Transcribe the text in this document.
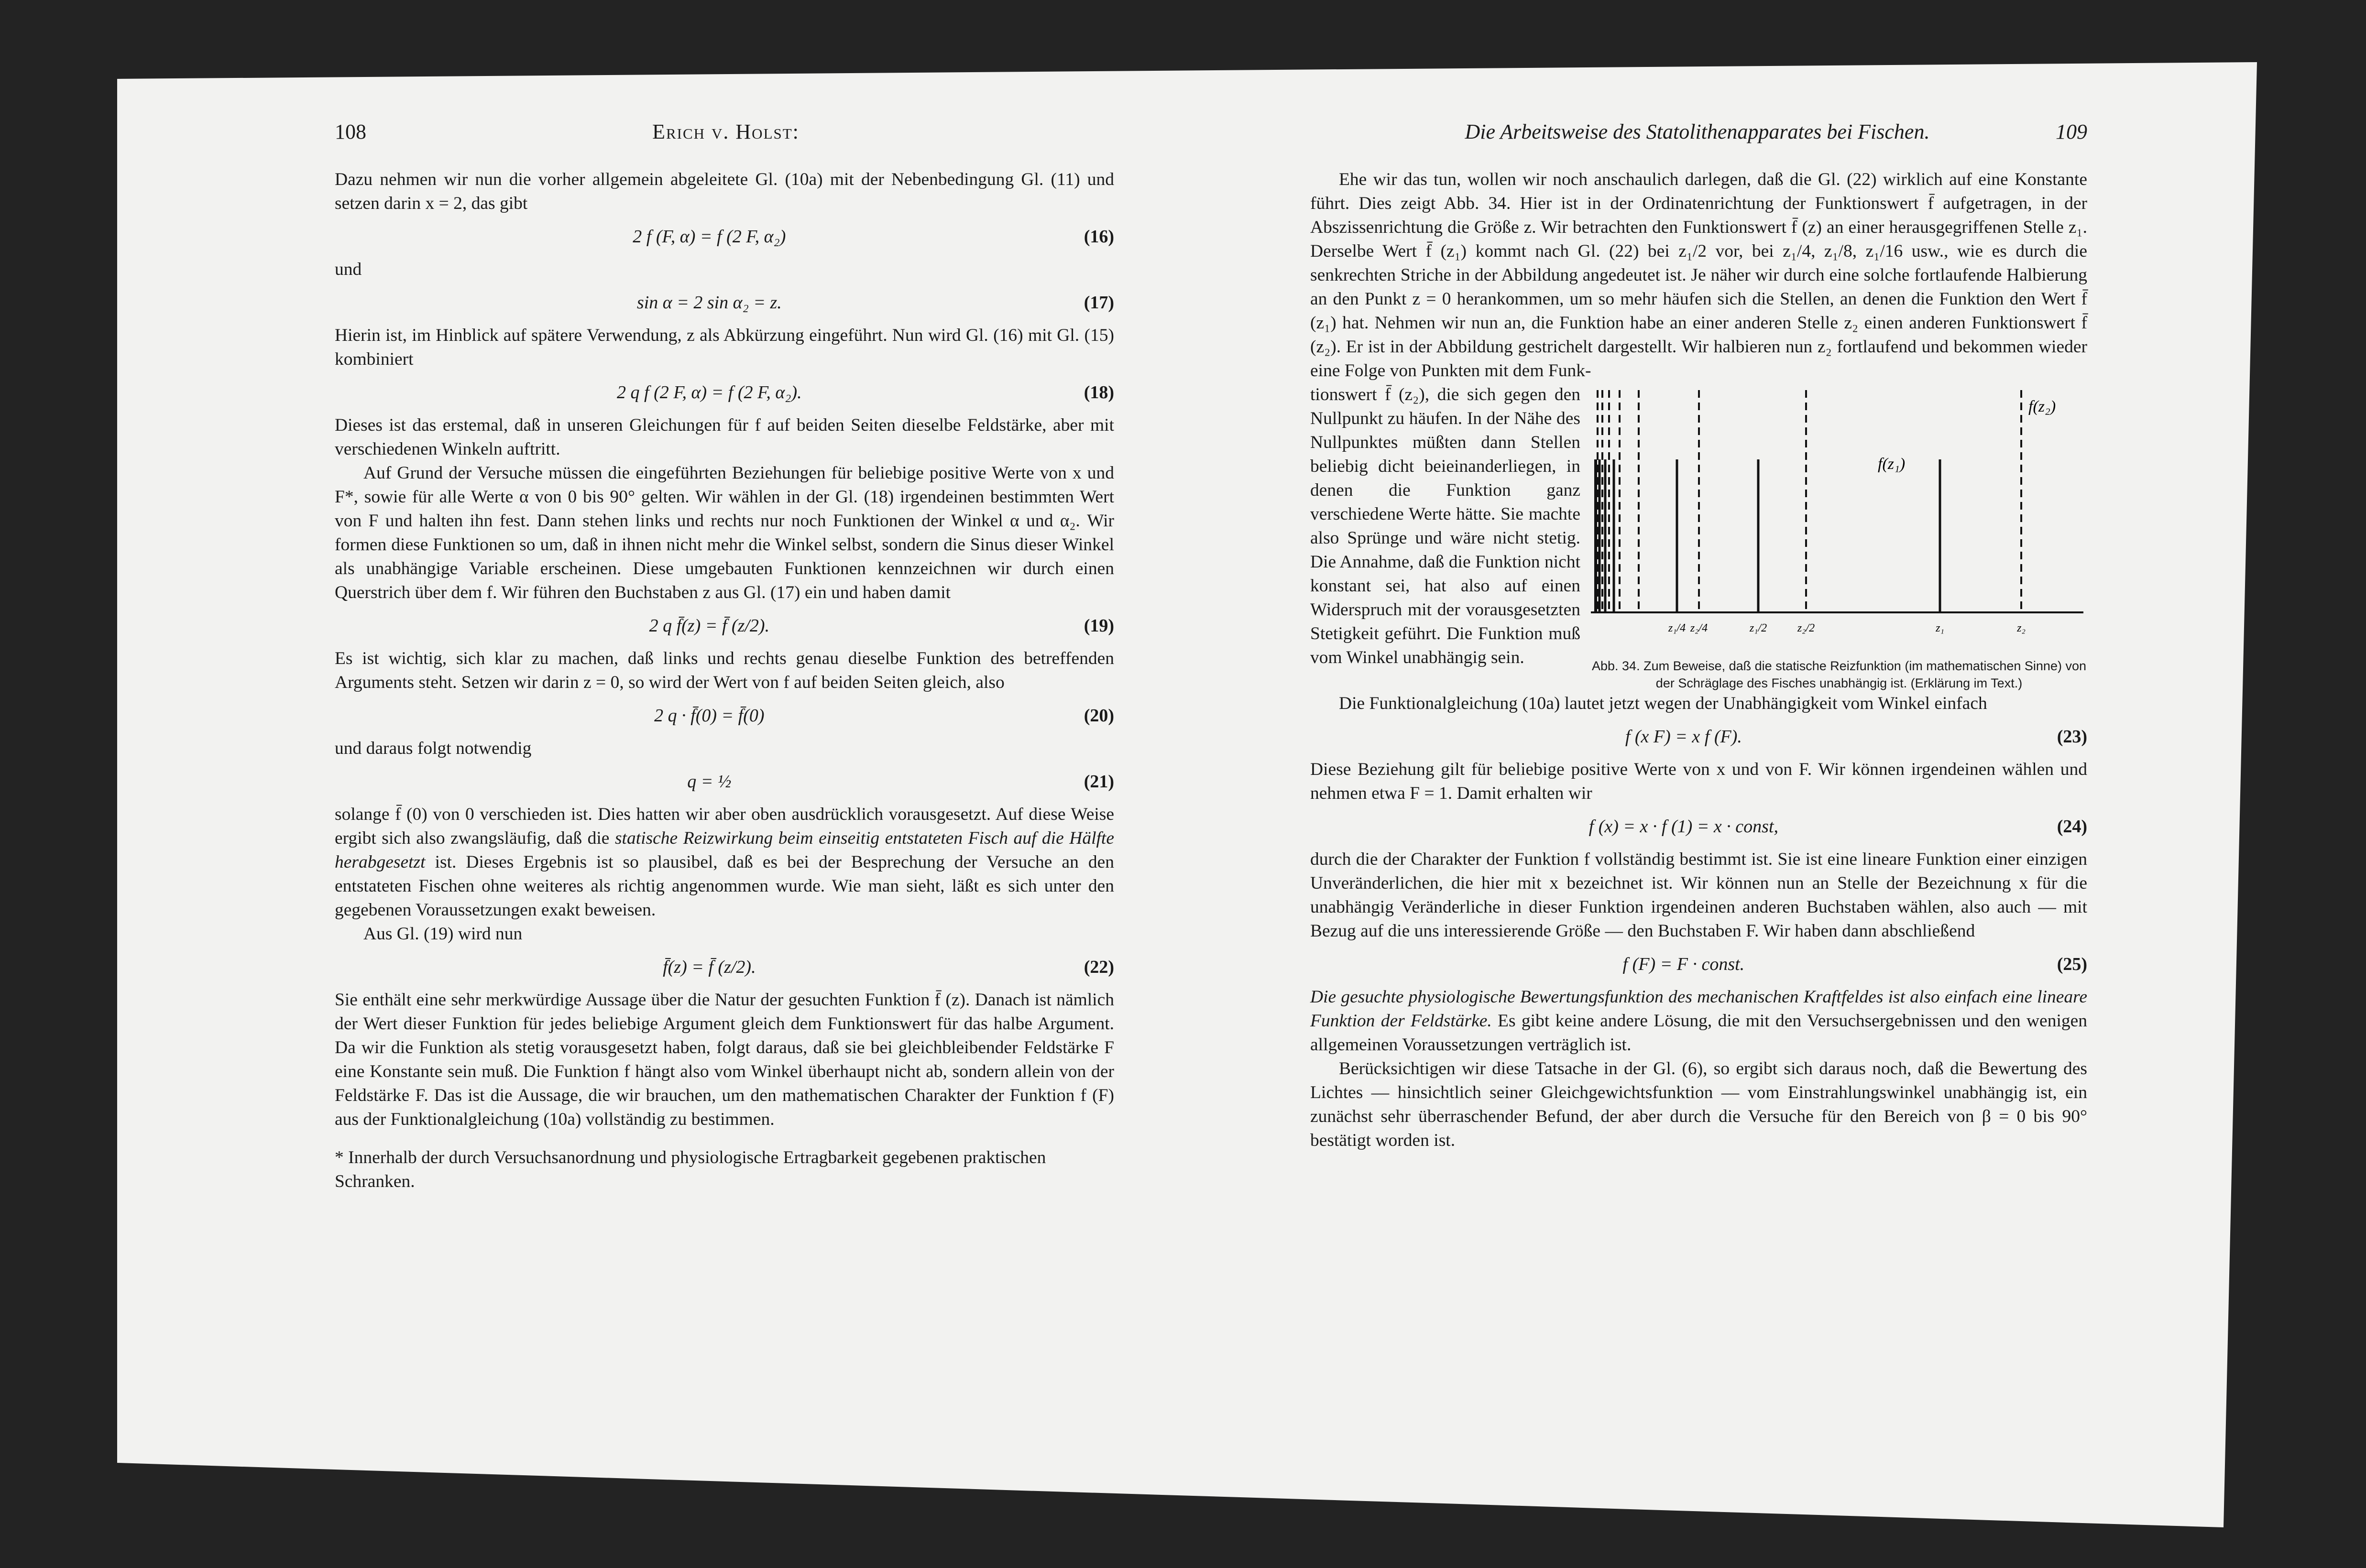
108	Erich v. Holst:

Dazu nehmen wir nun die vorher allgemein abgeleitete Gl. (10a) mit der Nebenbedingung Gl. (11) und setzen darin x = 2, das gibt

2 f (F, α) = f (2 F, α₂)	(16)

und

sin α = 2 sin α₂ = z.	(17)

Hierin ist, im Hinblick auf spätere Verwendung, z als Abkürzung eingeführt. Nun wird Gl. (16) mit Gl. (15) kombiniert

2 q f (2 F, α) = f (2 F, α₂).	(18)

Dieses ist das erstemal, daß in unseren Gleichungen für f auf beiden Seiten dieselbe Feldstärke, aber mit verschiedenen Winkeln auftritt.

Auf Grund der Versuche müssen die eingeführten Beziehungen für beliebige positive Werte von x und F*, sowie für alle Werte α von 0 bis 90° gelten. Wir wählen in der Gl. (18) irgendeinen bestimmten Wert von F und halten ihn fest. Dann stehen links und rechts nur noch Funktionen der Winkel α und α₂. Wir formen diese Funktionen so um, daß in ihnen nicht mehr die Winkel selbst, sondern die Sinus dieser Winkel als unabhängige Variable erscheinen. Diese umgebauten Funktionen kennzeichnen wir durch einen Querstrich über dem f. Wir führen den Buchstaben z aus Gl. (17) ein und haben damit

2 q f̄(z) = f̄ (z/2).	(19)

Es ist wichtig, sich klar zu machen, daß links und rechts genau dieselbe Funktion des betreffenden Arguments steht. Setzen wir darin z = 0, so wird der Wert von f auf beiden Seiten gleich, also

2 q · f̄(0) = f̄(0)	(20)

und daraus folgt notwendig

q = ½	(21)

solange f̄ (0) von 0 verschieden ist. Dies hatten wir aber oben ausdrücklich vorausgesetzt. Auf diese Weise ergibt sich also zwangsläufig, daß die statische Reizwirkung beim einseitig entstateten Fisch auf die Hälfte herabgesetzt ist. Dieses Ergebnis ist so plausibel, daß es bei der Besprechung der Versuche an den entstateten Fischen ohne weiteres als richtig angenommen wurde. Wie man sieht, läßt es sich unter den gegebenen Voraussetzungen exakt beweisen.

Aus Gl. (19) wird nun

f̄(z) = f̄ (z/2).	(22)

Sie enthält eine sehr merkwürdige Aussage über die Natur der gesuchten Funktion f̄ (z). Danach ist nämlich der Wert dieser Funktion für jedes beliebige Argument gleich dem Funktionswert für das halbe Argument. Da wir die Funktion als stetig vorausgesetzt haben, folgt daraus, daß sie bei gleichbleibender Feldstärke F eine Konstante sein muß. Die Funktion f hängt also vom Winkel überhaupt nicht ab, sondern allein von der Feldstärke F. Das ist die Aussage, die wir brauchen, um den mathematischen Charakter der Funktion f (F) aus der Funktionalgleichung (10a) vollständig zu bestimmen.

* Innerhalb der durch Versuchsanordnung und physiologische Ertragbarkeit gegebenen praktischen Schranken.
Die Arbeitsweise des Statolithenapparates bei Fischen.	109

Ehe wir das tun, wollen wir noch anschaulich darlegen, daß die Gl. (22) wirklich auf eine Konstante führt. Dies zeigt Abb. 34. Hier ist in der Ordinatenrichtung der Funktionswert f̄ aufgetragen, in der Abszissenrichtung die Größe z. Wir betrachten den Funktionswert f̄ (z) an einer herausgegriffenen Stelle z₁. Derselbe Wert f̄ (z₁) kommt nach Gl. (22) bei z₁/2 vor, bei z₁/4, z₁/8, z₁/16 usw., wie es durch die senkrechten Striche in der Abbildung angedeutet ist. Je näher wir durch eine solche fortlaufende Halbierung an den Punkt z = 0 herankommen, um so mehr häufen sich die Stellen, an denen die Funktion den Wert f̄ (z₁) hat. Nehmen wir nun an, die Funktion habe an einer anderen Stelle z₂ einen anderen Funktionswert f̄ (z₂). Er ist in der Abbildung gestrichelt dargestellt. Wir halbieren nun z₂ fortlaufend und bekommen wieder eine Folge von Punkten mit dem Funk-

tionswert f̄ (z₂), die sich gegen den Nullpunkt zu häufen. In der Nähe des Nullpunktes müßten dann Stellen beliebig dicht beieinanderliegen, in denen die Funktion ganz verschiedene Werte hätte. Sie machte also Sprünge und wäre nicht stetig. Die Annahme, daß die Funktion nicht konstant sei, hat also auf einen Widerspruch mit der vorausgesetzten Stetigkeit geführt. Die Funktion muß vom Winkel unabhängig sein.

f(z₁)
f(z₂)
z₁/4 z₂/4	z₁/2	z₂/2	z₁	z₂
Abb. 34. Zum Beweise, daß die statische Reizfunktion (im mathematischen Sinne) von der Schräglage des Fisches unabhängig ist. (Erklärung im Text.)

Die Funktionalgleichung (10a) lautet jetzt wegen der Unabhängigkeit vom Winkel einfach

f (x F) = x f (F).	(23)

Diese Beziehung gilt für beliebige positive Werte von x und von F. Wir können irgendeinen wählen und nehmen etwa F = 1. Damit erhalten wir

f (x) = x · f (1) = x · const,	(24)

durch die der Charakter der Funktion f vollständig bestimmt ist. Sie ist eine lineare Funktion einer einzigen Unveränderlichen, die hier mit x bezeichnet ist. Wir können nun an Stelle der Bezeichnung x für die unabhängig Veränderliche in dieser Funktion irgendeinen anderen Buchstaben wählen, also auch — mit Bezug auf die uns interessierende Größe — den Buchstaben F. Wir haben dann abschließend

f (F) = F · const.	(25)

Die gesuchte physiologische Bewertungsfunktion des mechanischen Kraftfeldes ist also einfach eine lineare Funktion der Feldstärke. Es gibt keine andere Lösung, die mit den Versuchsergebnissen und den wenigen allgemeinen Voraussetzungen verträglich ist.

Berücksichtigen wir diese Tatsache in der Gl. (6), so ergibt sich daraus noch, daß die Bewertung des Lichtes — hinsichtlich seiner Gleichgewichtsfunktion — vom Einstrahlungswinkel unabhängig ist, ein zunächst sehr überraschender Befund, der aber durch die Versuche für den Bereich von β = 0 bis 90° bestätigt worden ist.
